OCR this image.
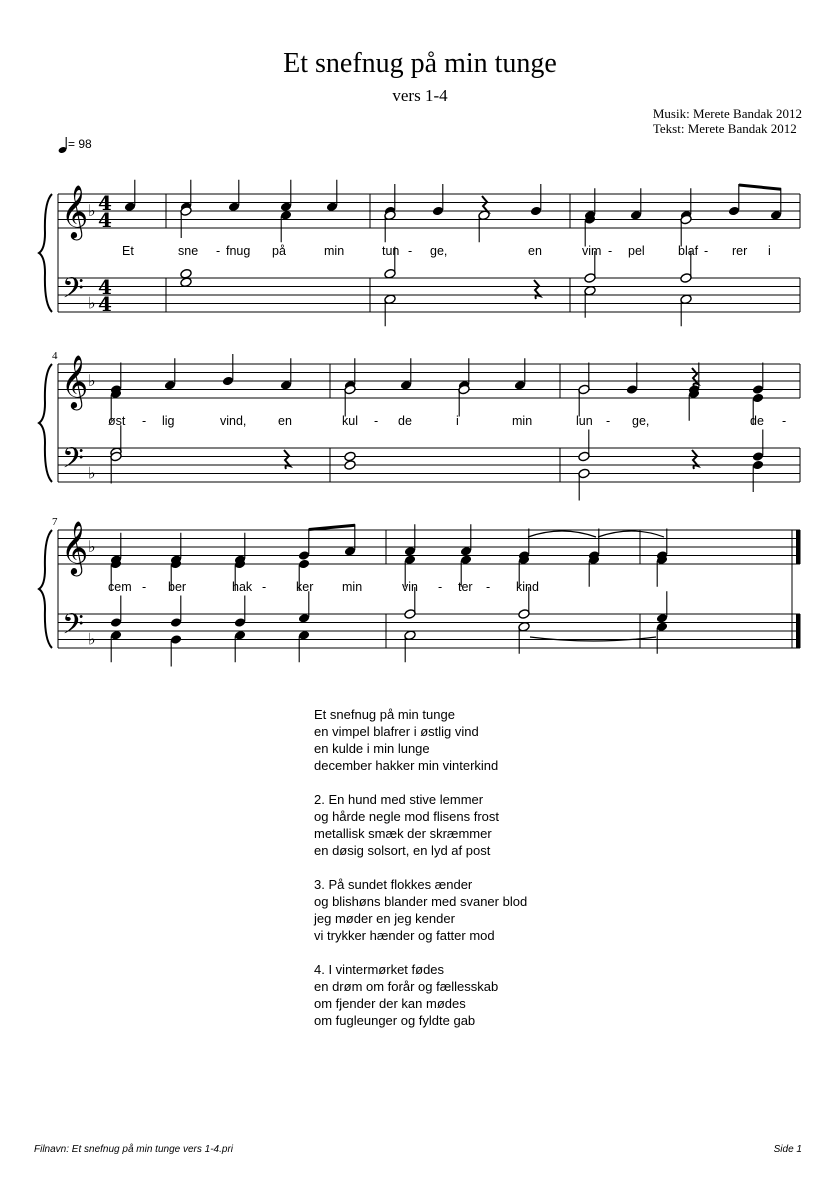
Et snefnug på min tunge
vers 1-4
Musik: Merete Bandak 2012
Tekst: Merete Bandak 2012
= 98
𝄞
𝄢
♭
♭
4
4
4
4
𝄞
𝄢
♭
♭
𝄞
𝄢
♭
♭
Et	sne - fnug på	min	tun - ge,	en	vim - pel	blaf - rer i
øst - lig	vind,	en	kul - de	i	min	lun - ge,	de -
cem - ber	hak - ker min	vin - ter - kind
4
7
Et snefnug på min tunge
en vimpel blafrer i østlig vind
en kulde i min lunge
december hakker min vinterkind
2. En hund med stive lemmer
og hårde negle mod flisens frost
metallisk smæk der skræmmer
en døsig solsort, en lyd af post
3. På sundet flokkes ænder
og blishøns blander med svaner blod
jeg møder en jeg kender
vi trykker hænder og fatter mod
4. I vintermørket fødes
en drøm om forår og fællesskab
om fjender der kan mødes
om fugleunger og fyldte gab
Filnavn: Et snefnug på min tunge vers 1-4.pri	Side 1
